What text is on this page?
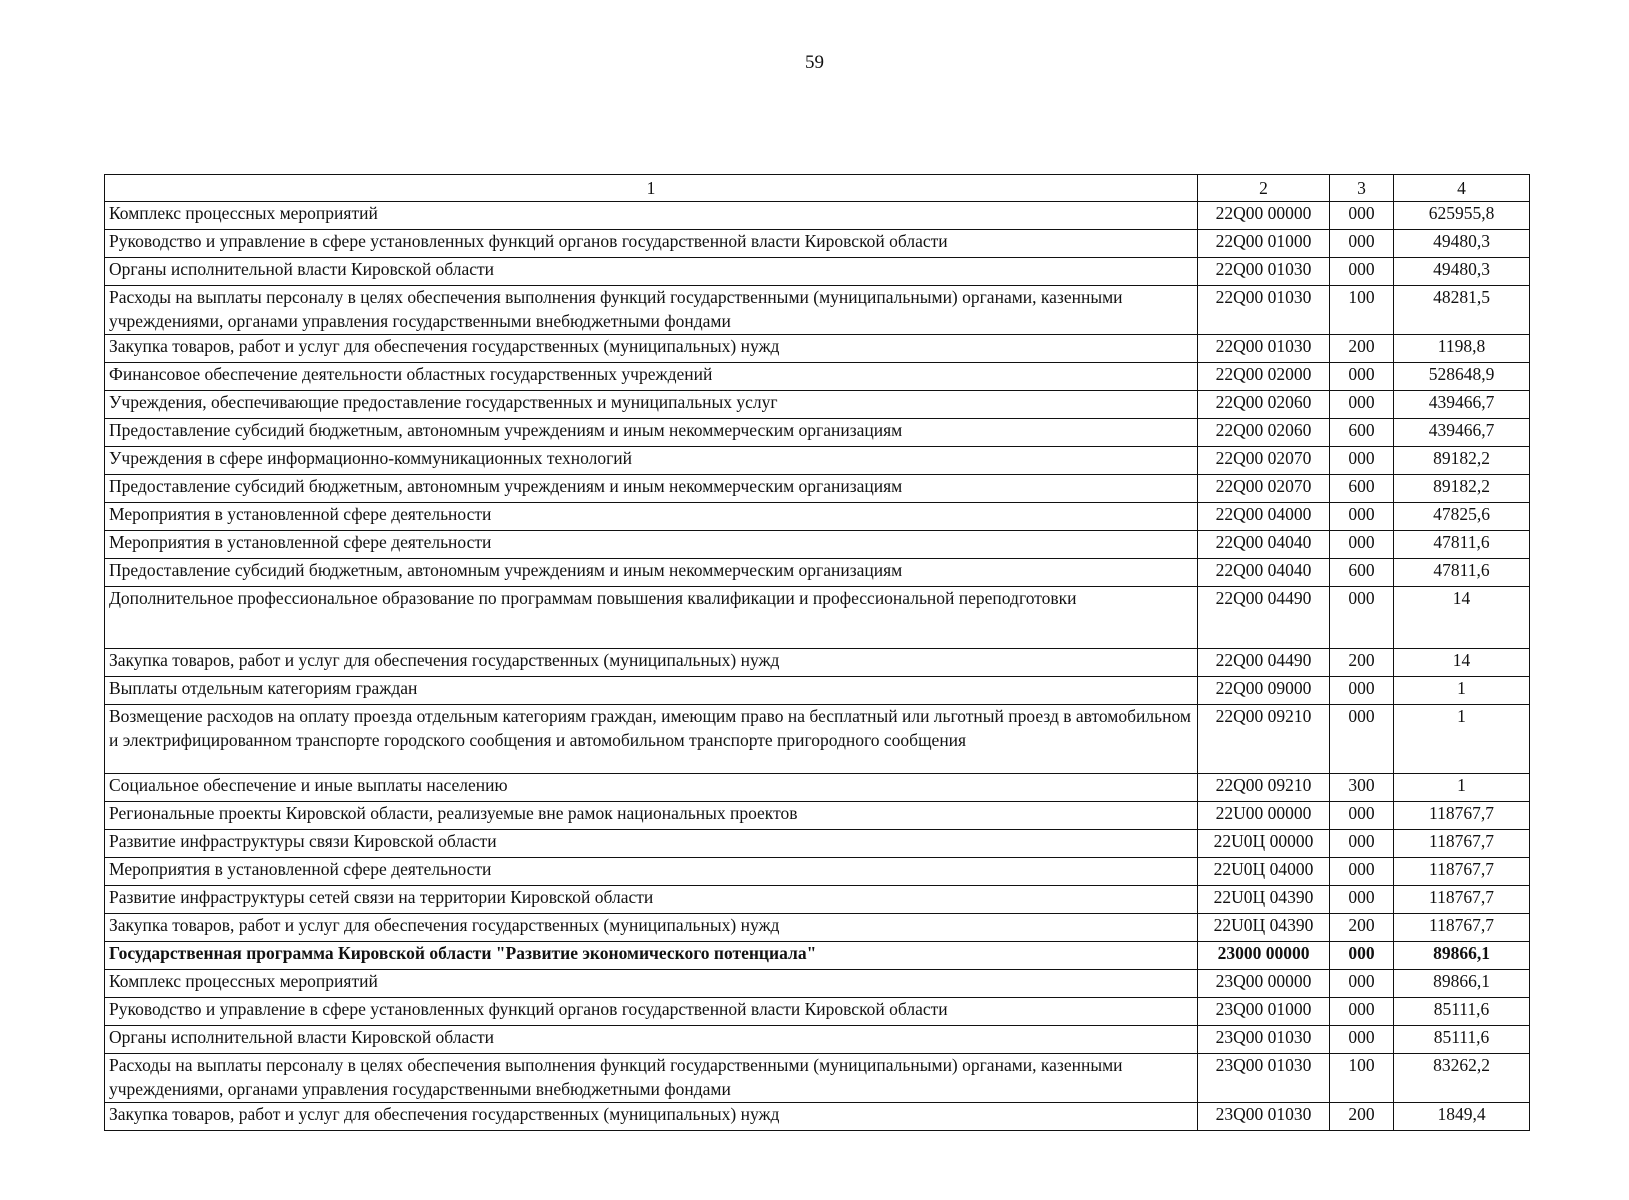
59
1	2	3	4
Комплекс процессных мероприятий	22Q00 00000	000	625955,8
Руководство и управление в сфере установленных функций органов государственной власти Кировской области	22Q00 01000	000	49480,3
Органы исполнительной власти Кировской области	22Q00 01030	000	49480,3
Расходы на выплаты персоналу в целях обеспечения выполнения функций государственными (муниципальными) органами, казенными учреждениями, органами управления государственными внебюджетными фондами	22Q00 01030	100	48281,5
Закупка товаров, работ и услуг для обеспечения государственных (муниципальных) нужд	22Q00 01030	200	1198,8
Финансовое обеспечение деятельности областных государственных учреждений	22Q00 02000	000	528648,9
Учреждения, обеспечивающие предоставление государственных и муниципальных услуг	22Q00 02060	000	439466,7
Предоставление субсидий бюджетным, автономным учреждениям и иным некоммерческим организациям	22Q00 02060	600	439466,7
Учреждения в сфере информационно-коммуникационных технологий	22Q00 02070	000	89182,2
Предоставление субсидий бюджетным, автономным учреждениям и иным некоммерческим организациям	22Q00 02070	600	89182,2
Мероприятия в установленной сфере деятельности	22Q00 04000	000	47825,6
Мероприятия в установленной сфере деятельности	22Q00 04040	000	47811,6
Предоставление субсидий бюджетным, автономным учреждениям и иным некоммерческим организациям	22Q00 04040	600	47811,6
Дополнительное профессиональное образование по программам повышения квалификации и профессиональной переподготовки	22Q00 04490	000	14
Закупка товаров, работ и услуг для обеспечения государственных (муниципальных) нужд	22Q00 04490	200	14
Выплаты отдельным категориям граждан	22Q00 09000	000	1
Возмещение расходов на оплату проезда отдельным категориям граждан, имеющим право на бесплатный или льготный проезд в автомобильном и электрифицированном транспорте городского сообщения и автомобильном транспорте пригородного сообщения	22Q00 09210	000	1
Социальное обеспечение и иные выплаты населению	22Q00 09210	300	1
Региональные проекты Кировской области, реализуемые вне рамок национальных проектов	22U00 00000	000	118767,7
Развитие инфраструктуры связи Кировской области	22U0Ц 00000	000	118767,7
Мероприятия в установленной сфере деятельности	22U0Ц 04000	000	118767,7
Развитие инфраструктуры сетей связи на территории Кировской области	22U0Ц 04390	000	118767,7
Закупка товаров, работ и услуг для обеспечения государственных (муниципальных) нужд	22U0Ц 04390	200	118767,7
Государственная программа Кировской области "Развитие экономического потенциала"	23000 00000	000	89866,1
Комплекс процессных мероприятий	23Q00 00000	000	89866,1
Руководство и управление в сфере установленных функций органов государственной власти Кировской области	23Q00 01000	000	85111,6
Органы исполнительной власти Кировской области	23Q00 01030	000	85111,6
Расходы на выплаты персоналу в целях обеспечения выполнения функций государственными (муниципальными) органами, казенными учреждениями, органами управления государственными внебюджетными фондами	23Q00 01030	100	83262,2
Закупка товаров, работ и услуг для обеспечения государственных (муниципальных) нужд	23Q00 01030	200	1849,4
